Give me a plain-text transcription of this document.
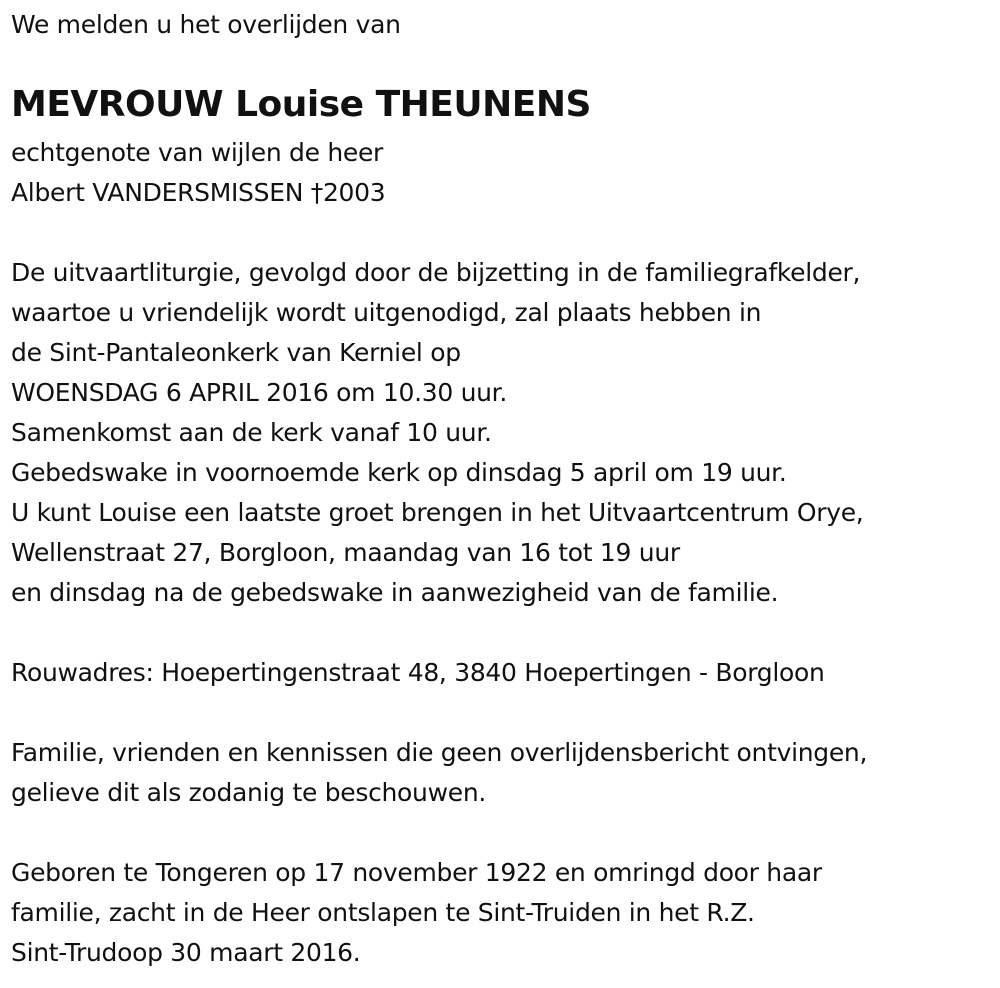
We melden u het overlijden van

MEVROUW Louise THEUNENS

echtgenote van wijlen de heer

Albert VANDERSMISSEN †2003

De uitvaartliturgie, gevolgd door de bijzetting in de familiegrafkelder,

waartoe u vriendelijk wordt uitgenodigd, zal plaats hebben in

de Sint-Pantaleonkerk van Kerniel op

WOENSDAG 6 APRIL 2016 om 10.30 uur.

Samenkomst aan de kerk vanaf 10 uur.

Gebedswake in voornoemde kerk op dinsdag 5 april om 19 uur.

U kunt Louise een laatste groet brengen in het Uitvaartcentrum Orye,

Wellenstraat 27, Borgloon, maandag van 16 tot 19 uur

en dinsdag na de gebedswake in aanwezigheid van de familie.

Rouwadres: Hoepertingenstraat 48, 3840 Hoepertingen - Borgloon

Familie, vrienden en kennissen die geen overlijdensbericht ontvingen,

gelieve dit als zodanig te beschouwen.

Geboren te Tongeren op 17 november 1922 en omringd door haar

familie, zacht in de Heer ontslapen te Sint-Truiden in het R.Z.

Sint-Trudoop 30 maart 2016.
